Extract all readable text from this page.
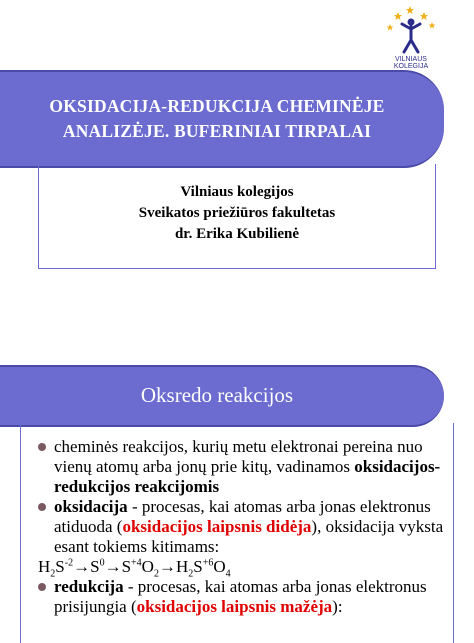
VILNIAUS KOLEGIJA
OKSIDACIJA-REDUKCIJA CHEMINĖJE
ANALIZĖJE. BUFERINIAI TIRPALAI
Vilniaus kolegijos
Sveikatos priežiūros fakultetas
dr. Erika Kubilienė
Oksredo reakcijos
cheminės reakcijos, kurių metu elektronai pereina nuo vienų atomų arba jonų prie kitų, vadinamos oksidacijos-redukcijos reakcijomis
oksidacija - procesas, kai atomas arba jonas elektronus atiduoda (oksidacijos laipsnis didėja), oksidacija vyksta esant tokiems kitimams:
$H_2S^{-2}\to S^0\to S^{+4}O_2\to H_2S^{+6}O_4$
redukcija - procesas, kai atomas arba jonas elektronus prisijungia (oksidacijos laipsnis mažėja):
